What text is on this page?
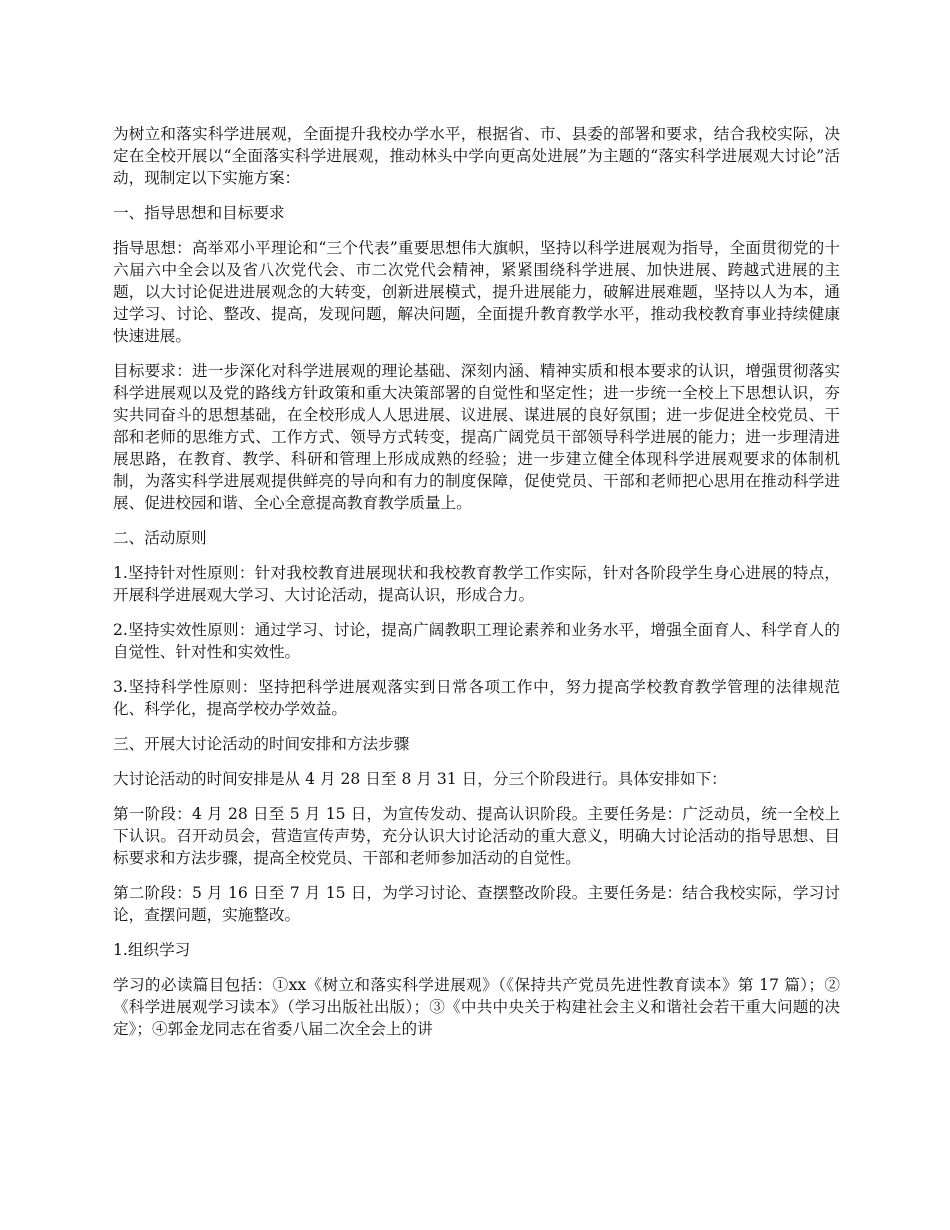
为树立和落实科学进展观，全面提升我校办学水平，根据省、市、县委的部署和要求，结合我校实际，决定在全校开展以“全面落实科学进展观，推动林头中学向更高处进展”为主题的“落实科学进展观大讨论”活动，现制定以下实施方案：

一、指导思想和目标要求

指导思想：高举邓小平理论和“三个代表”重要思想伟大旗帜，坚持以科学进展观为指导，全面贯彻党的十六届六中全会以及省八次党代会、市二次党代会精神，紧紧围绕科学进展、加快进展、跨越式进展的主题，以大讨论促进进展观念的大转变，创新进展模式，提升进展能力，破解进展难题，坚持以人为本，通过学习、讨论、整改、提高，发现问题，解决问题，全面提升教育教学水平，推动我校教育事业持续健康快速进展。

目标要求：进一步深化对科学进展观的理论基础、深刻内涵、精神实质和根本要求的认识，增强贯彻落实科学进展观以及党的路线方针政策和重大决策部署的自觉性和坚定性；进一步统一全校上下思想认识，夯实共同奋斗的思想基础，在全校形成人人思进展、议进展、谋进展的良好氛围；进一步促进全校党员、干部和老师的思维方式、工作方式、领导方式转变，提高广阔党员干部领导科学进展的能力；进一步理清进展思路，在教育、教学、科研和管理上形成成熟的经验；进一步建立健全体现科学进展观要求的体制机制，为落实科学进展观提供鲜亮的导向和有力的制度保障，促使党员、干部和老师把心思用在推动科学进展、促进校园和谐、全心全意提高教育教学质量上。

二、活动原则

1.坚持针对性原则：针对我校教育进展现状和我校教育教学工作实际，针对各阶段学生身心进展的特点，开展科学进展观大学习、大讨论活动，提高认识，形成合力。

2.坚持实效性原则：通过学习、讨论，提高广阔教职工理论素养和业务水平，增强全面育人、科学育人的自觉性、针对性和实效性。

3.坚持科学性原则：坚持把科学进展观落实到日常各项工作中，努力提高学校教育教学管理的法律规范化、科学化，提高学校办学效益。

三、开展大讨论活动的时间安排和方法步骤

大讨论活动的时间安排是从 4 月 28 日至 8 月 31 日，分三个阶段进行。具体安排如下：

第一阶段：4 月 28 日至 5 月 15 日，为宣传发动、提高认识阶段。主要任务是：广泛动员，统一全校上下认识。召开动员会，营造宣传声势，充分认识大讨论活动的重大意义，明确大讨论活动的指导思想、目标要求和方法步骤，提高全校党员、干部和老师参加活动的自觉性。

第二阶段：5 月 16 日至 7 月 15 日，为学习讨论、查摆整改阶段。主要任务是：结合我校实际，学习讨论，查摆问题，实施整改。

1.组织学习

学习的必读篇目包括：①xx《树立和落实科学进展观》（《保持共产党员先进性教育读本》第 17 篇）；②《科学进展观学习读本》（学习出版社出版）；③《中共中央关于构建社会主义和谐社会若干重大问题的决定》；④郭金龙同志在省委八届二次全会上的讲
